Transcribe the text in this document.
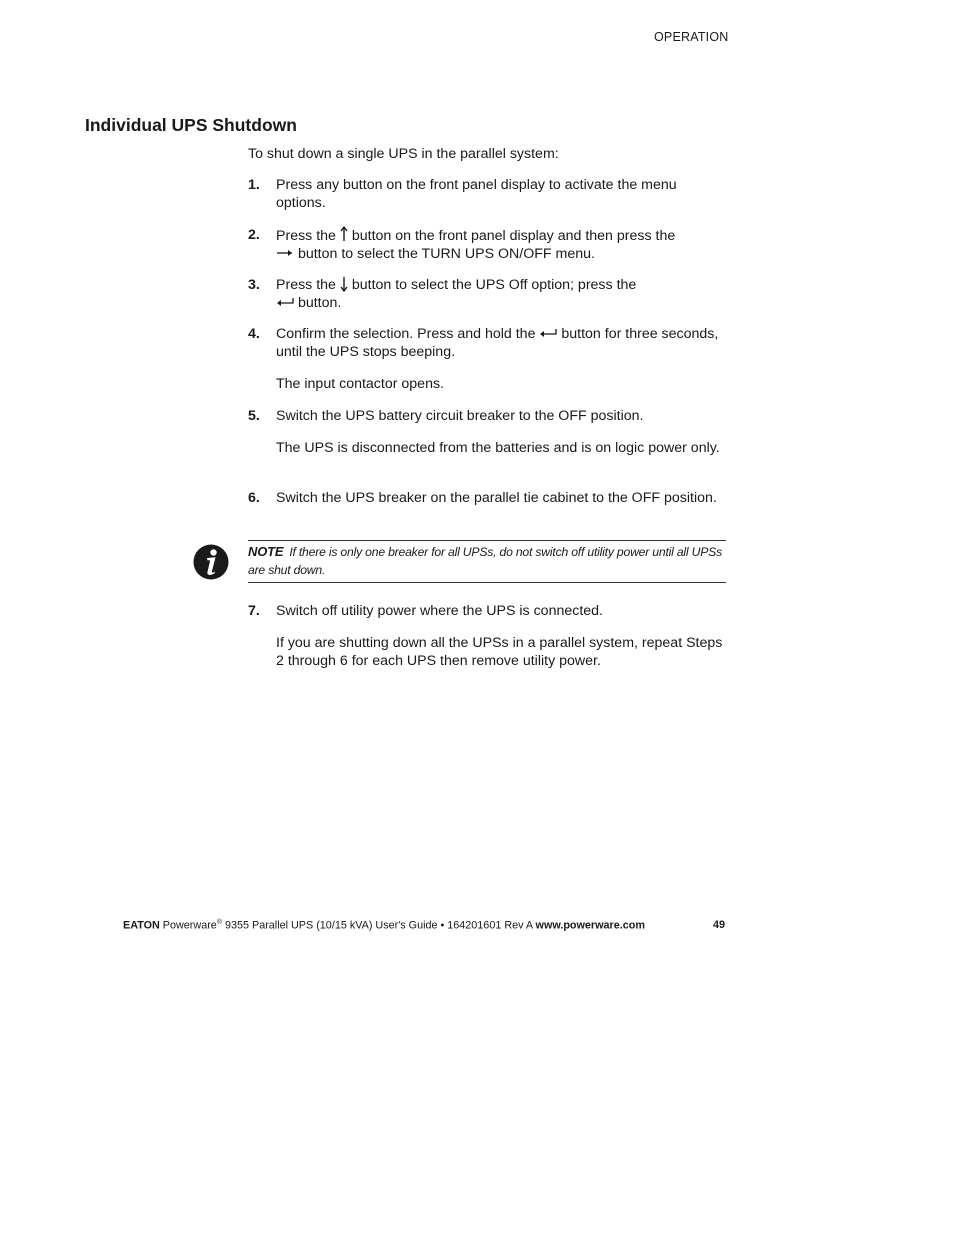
OPERATION
Individual UPS Shutdown
To shut down a single UPS in the parallel system:
1. Press any button on the front panel display to activate the menu options.
2. Press the button on the front panel display and then press the
button to select the TURN UPS ON/OFF menu.
3. Press the button to select the UPS Off option; press the
button.
4. Confirm the selection. Press and hold the button for three seconds, until the UPS stops beeping.
The input contactor opens.
5. Switch the UPS battery circuit breaker to the OFF position.
The UPS is disconnected from the batteries and is on logic power only.
6. Switch the UPS breaker on the parallel tie cabinet to the OFF position.
NOTE If there is only one breaker for all UPSs, do not switch off utility power until all UPSs are shut down.
7. Switch off utility power where the UPS is connected.
If you are shutting down all the UPSs in a parallel system, repeat Steps 2 through 6 for each UPS then remove utility power.
EATON Powerware® 9355 Parallel UPS (10/15 kVA) User's Guide • 164201601 Rev A www.powerware.com	49
